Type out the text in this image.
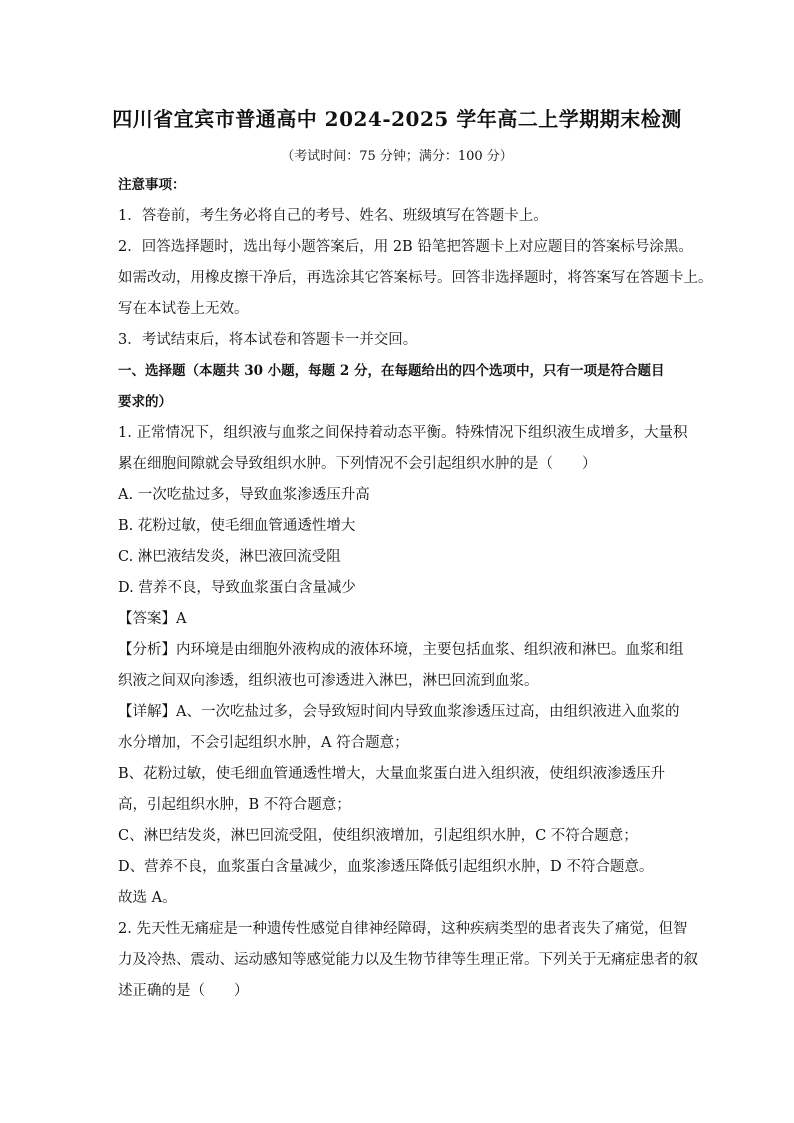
四川省宜宾市普通高中 2024-2025 学年高二上学期期末检测
（考试时间：75 分钟；满分：100 分）
注意事项：
1．答卷前，考生务必将自己的考号、姓名、班级填写在答题卡上。
2．回答选择题时，选出每小题答案后，用 2B 铅笔把答题卡上对应题目的答案标号涂黑。
如需改动，用橡皮擦干净后，再选涂其它答案标号。回答非选择题时，将答案写在答题卡上。
写在本试卷上无效。
3．考试结束后，将本试卷和答题卡一并交回。
一、选择题（本题共 30 小题，每题 2 分，在每题给出的四个选项中，只有一项是符合题目
要求的）
1. 正常情况下，组织液与血浆之间保持着动态平衡。特殊情况下组织液生成增多，大量积
累在细胞间隙就会导致组织水肿。下列情况不会引起组织水肿的是（　　）
A. 一次吃盐过多，导致血浆渗透压升高
B. 花粉过敏，使毛细血管通透性增大
C. 淋巴液结发炎，淋巴液回流受阻
D. 营养不良，导致血浆蛋白含量减少
【答案】A
【分析】内环境是由细胞外液构成的液体环境，主要包括血浆、组织液和淋巴。血浆和组
织液之间双向渗透，组织液也可渗透进入淋巴，淋巴回流到血浆。
【详解】A、一次吃盐过多，会导致短时间内导致血浆渗透压过高，由组织液进入血浆的
水分增加，不会引起组织水肿，A 符合题意；
B、花粉过敏，使毛细血管通透性增大，大量血浆蛋白进入组织液，使组织液渗透压升
高，引起组织水肿，B 不符合题意；
C、淋巴结发炎，淋巴回流受阻，使组织液增加，引起组织水肿，C 不符合题意；
D、营养不良，血浆蛋白含量减少，血浆渗透压降低引起组织水肿，D 不符合题意。
故选 A。
2. 先天性无痛症是一种遗传性感觉自律神经障碍，这种疾病类型的患者丧失了痛觉，但智
力及冷热、震动、运动感知等感觉能力以及生物节律等生理正常。下列关于无痛症患者的叙
述正确的是（　　）
